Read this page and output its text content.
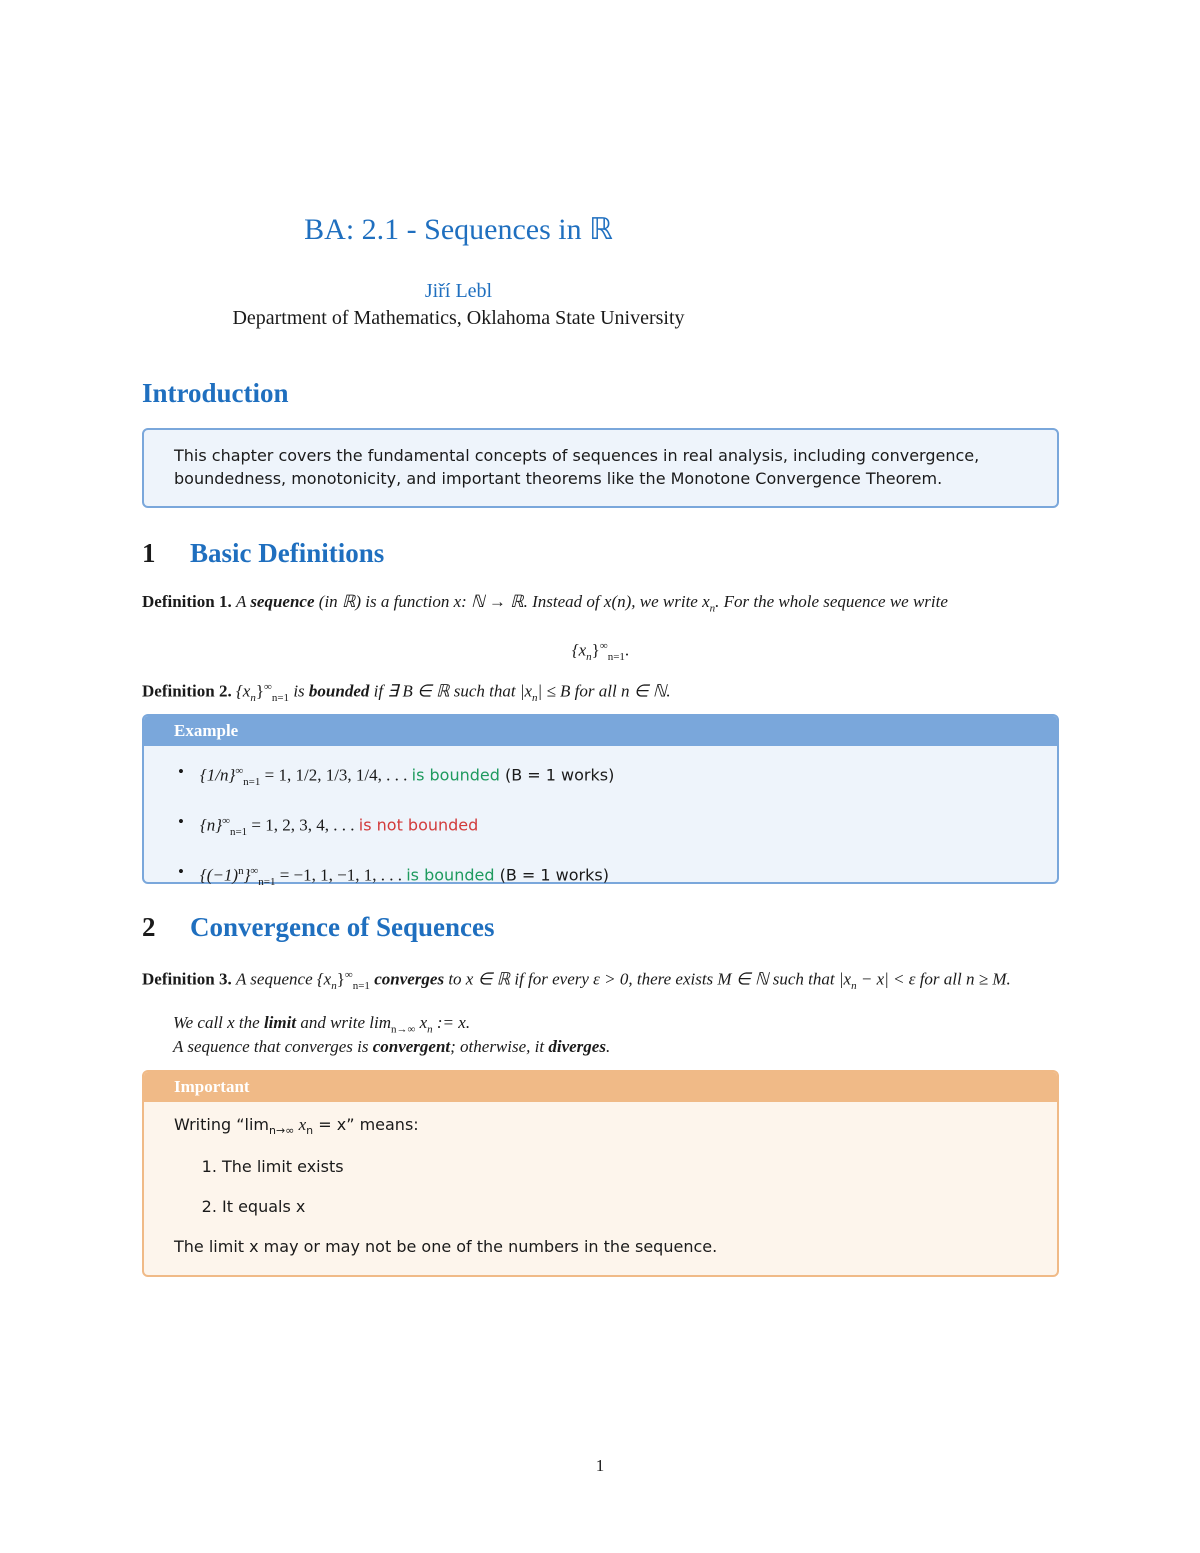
BA: 2.1 - Sequences in ℝ
Jiří Lebl
Department of Mathematics, Oklahoma State University
Introduction
This chapter covers the fundamental concepts of sequences in real analysis, including convergence, boundedness, monotonicity, and important theorems like the Monotone Convergence Theorem.
1 Basic Definitions
Definition 1. A sequence (in ℝ) is a function x: ℕ → ℝ. Instead of x(n), we write $x_n$. For the whole sequence we write
$\{x_n\}^\infty_{n=1}$.
Definition 2. $\{x_n\}^\infty_{n=1}$ is bounded if ∃ B ∈ ℝ such that $|x_n| \le B$ for all n ∈ ℕ.
Example
• $\{1/n\}^\infty_{n=1} = 1$, 1/2, 1/3, 1/4, . . . is bounded (B = 1 works)
• $\{n\}^\infty_{n=1} = 1$, 2, 3, 4, . . . is not bounded
• $\{(-1)^n\}^\infty_{n=1} = -1$, 1, −1, 1, . . . is bounded (B = 1 works)
2 Convergence of Sequences
Definition 3. A sequence $\{x_n\}^\infty_{n=1}$ converges to x ∈ ℝ if for every ε > 0, there exists M ∈ ℕ such that $|x_n - x| < \varepsilon$ for all n ≥ M.
We call x the limit and write $\lim_{n\to\infty} x_n$ := x.
A sequence that converges is convergent; otherwise, it diverges.
Important

Writing “$\lim_{n\to\infty}$ $x_n = x$” means:

1. The limit exists
2. It equals x

The limit x may or may not be one of the numbers in the sequence.

1
